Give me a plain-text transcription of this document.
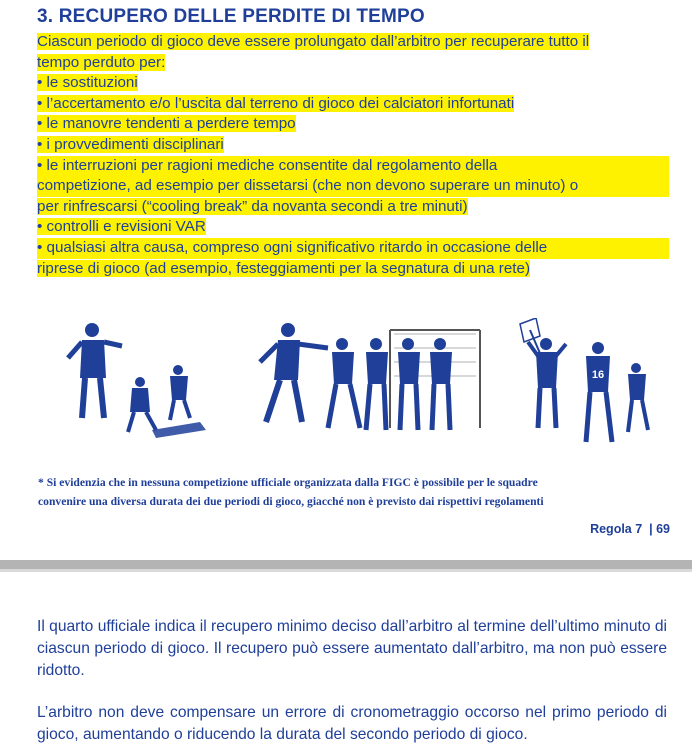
3. RECUPERO DELLE PERDITE DI TEMPO
Ciascun periodo di gioco deve essere prolungato dall’arbitro per recuperare tutto il
tempo perduto per:
• le sostituzioni
• l’accertamento e/o l’uscita dal terreno di gioco dei calciatori infortunati
• le manovre tendenti a perdere tempo
• i provvedimenti disciplinari
• le interruzioni per ragioni mediche consentite dal regolamento della
competizione, ad esempio per dissetarsi (che non devono superare un minuto) o
per rinfrescarsi (“cooling break” da novanta secondi a tre minuti)
• controlli e revisioni VAR
• qualsiasi altra causa, compreso ogni significativo ritardo in occasione delle
riprese di gioco (ad esempio, festeggiamenti per la segnatura di una rete)
16
* Si evidenzia che in nessuna competizione ufficiale organizzata dalla FIGC è possibile per le squadre
convenire una diversa durata dei due periodi di gioco, giacché non è previsto dai rispettivi regolamenti
Regola 7  | 69
Il quarto ufficiale indica il recupero minimo deciso dall’arbitro al termine dell’ultimo minuto di ciascun periodo di gioco. Il recupero può essere aumentato dall’arbitro, ma non può essere ridotto.
L’arbitro non deve compensare un errore di cronometraggio occorso nel primo periodo di gioco, aumentando o riducendo la durata del secondo periodo di gioco.
